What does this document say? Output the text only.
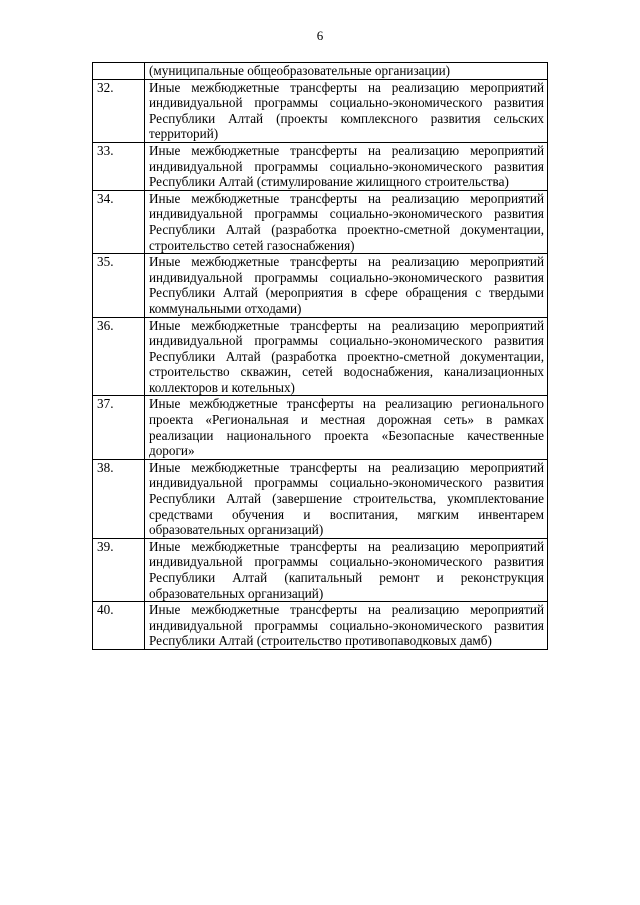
6
	(муниципальные общеобразовательные организации)
32.	Иные межбюджетные трансферты на реализацию мероприятий индивидуальной программы социально-экономического развития Республики Алтай (проекты комплексного развития сельских территорий)
33.	Иные межбюджетные трансферты на реализацию мероприятий индивидуальной программы социально-экономического развития Республики Алтай (стимулирование жилищного строительства)
34.	Иные межбюджетные трансферты на реализацию мероприятий индивидуальной программы социально-экономического развития Республики Алтай (разработка проектно-сметной документации, строительство сетей газоснабжения)
35.	Иные межбюджетные трансферты на реализацию мероприятий индивидуальной программы социально-экономического развития Республики Алтай (мероприятия в сфере обращения с твердыми коммунальными отходами)
36.	Иные межбюджетные трансферты на реализацию мероприятий индивидуальной программы социально-экономического развития Республики Алтай (разработка проектно-сметной документации, строительство скважин, сетей водоснабжения, канализационных коллекторов и котельных)
37.	Иные межбюджетные трансферты на реализацию регионального проекта «Региональная и местная дорожная сеть» в рамках реализации национального проекта «Безопасные качественные дороги»
38.	Иные межбюджетные трансферты на реализацию мероприятий индивидуальной программы социально-экономического развития Республики Алтай (завершение строительства, укомплектование средствами обучения и воспитания, мягким инвентарем образовательных организаций)
39.	Иные межбюджетные трансферты на реализацию мероприятий индивидуальной программы социально-экономического развития Республики Алтай (капитальный ремонт и реконструкция образовательных организаций)
40.	Иные межбюджетные трансферты на реализацию мероприятий индивидуальной программы социально-экономического развития Республики Алтай (строительство противопаводковых дамб)
